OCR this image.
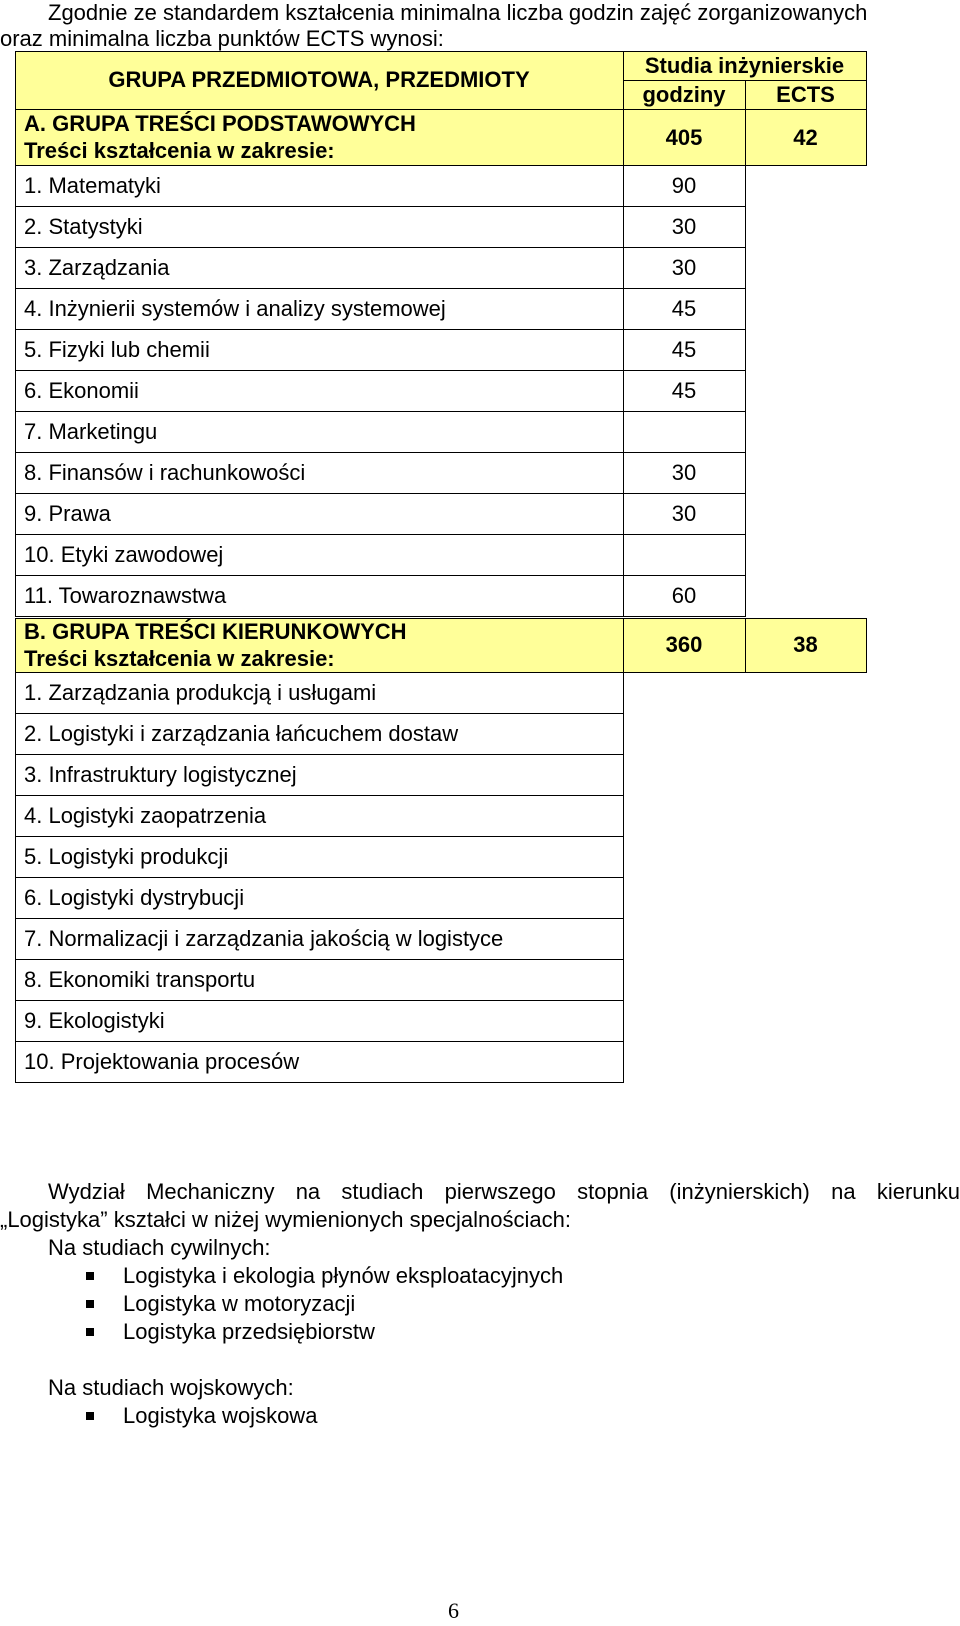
Zgodnie ze standardem kształcenia minimalna liczba godzin zajęć zorganizowanych
oraz minimalna liczba punktów ECTS wynosi:
GRUPA PRZEDMIOTOWA, PRZEDMIOTY
Studia inżynierskie
godziny	ECTS
A. GRUPA TREŚCI PODSTAWOWYCH
Treści kształcenia w zakresie:
405	42
1. Matematyki	90
2. Statystyki	30
3. Zarządzania	30
4. Inżynierii systemów i analizy systemowej	45
5. Fizyki lub chemii	45
6. Ekonomii	45
7. Marketingu
8. Finansów i rachunkowości	30
9. Prawa	30
10. Etyki zawodowej
11. Towaroznawstwa	60
B. GRUPA TREŚCI KIERUNKOWYCH
Treści kształcenia w zakresie:
360	38
1. Zarządzania produkcją i usługami
2. Logistyki i zarządzania łańcuchem dostaw
3. Infrastruktury logistycznej
4. Logistyki zaopatrzenia
5. Logistyki produkcji
6. Logistyki dystrybucji
7. Normalizacji i zarządzania jakością w logistyce
8. Ekonomiki transportu
9. Ekologistyki
10. Projektowania procesów
Wydział Mechaniczny na studiach pierwszego stopnia (inżynierskich) na kierunku
„Logistyka” kształci w niżej wymienionych specjalnościach:
Na studiach cywilnych:
Logistyka i ekologia płynów eksploatacyjnych
Logistyka w motoryzacji
Logistyka przedsiębiorstw
Na studiach wojskowych:
Logistyka wojskowa
6
